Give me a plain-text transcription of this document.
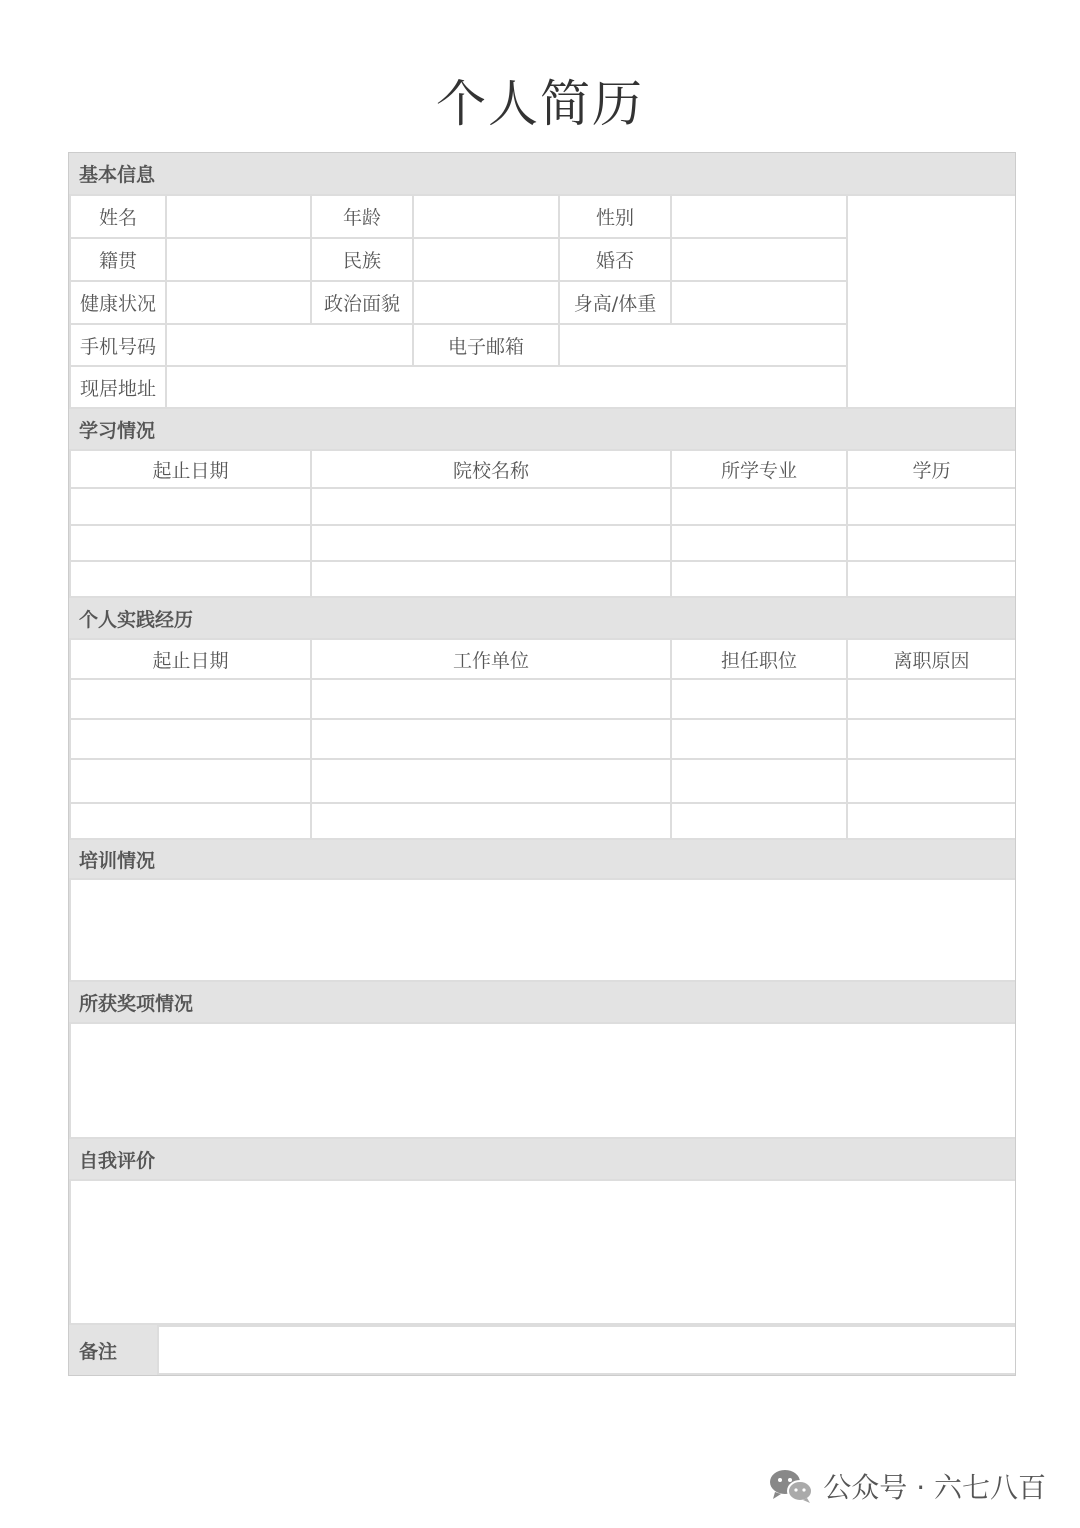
个人简历
基本信息
姓名	年龄	性别
籍贯	民族	婚否
健康状况	政治面貌	身高/体重
手机号码	电子邮箱
现居地址
学习情况
起止日期	院校名称	所学专业	学历
个人实践经历
起止日期	工作单位	担任职位	离职原因
培训情况
所获奖项情况
自我评价
备注
公众号 · 六七八百
